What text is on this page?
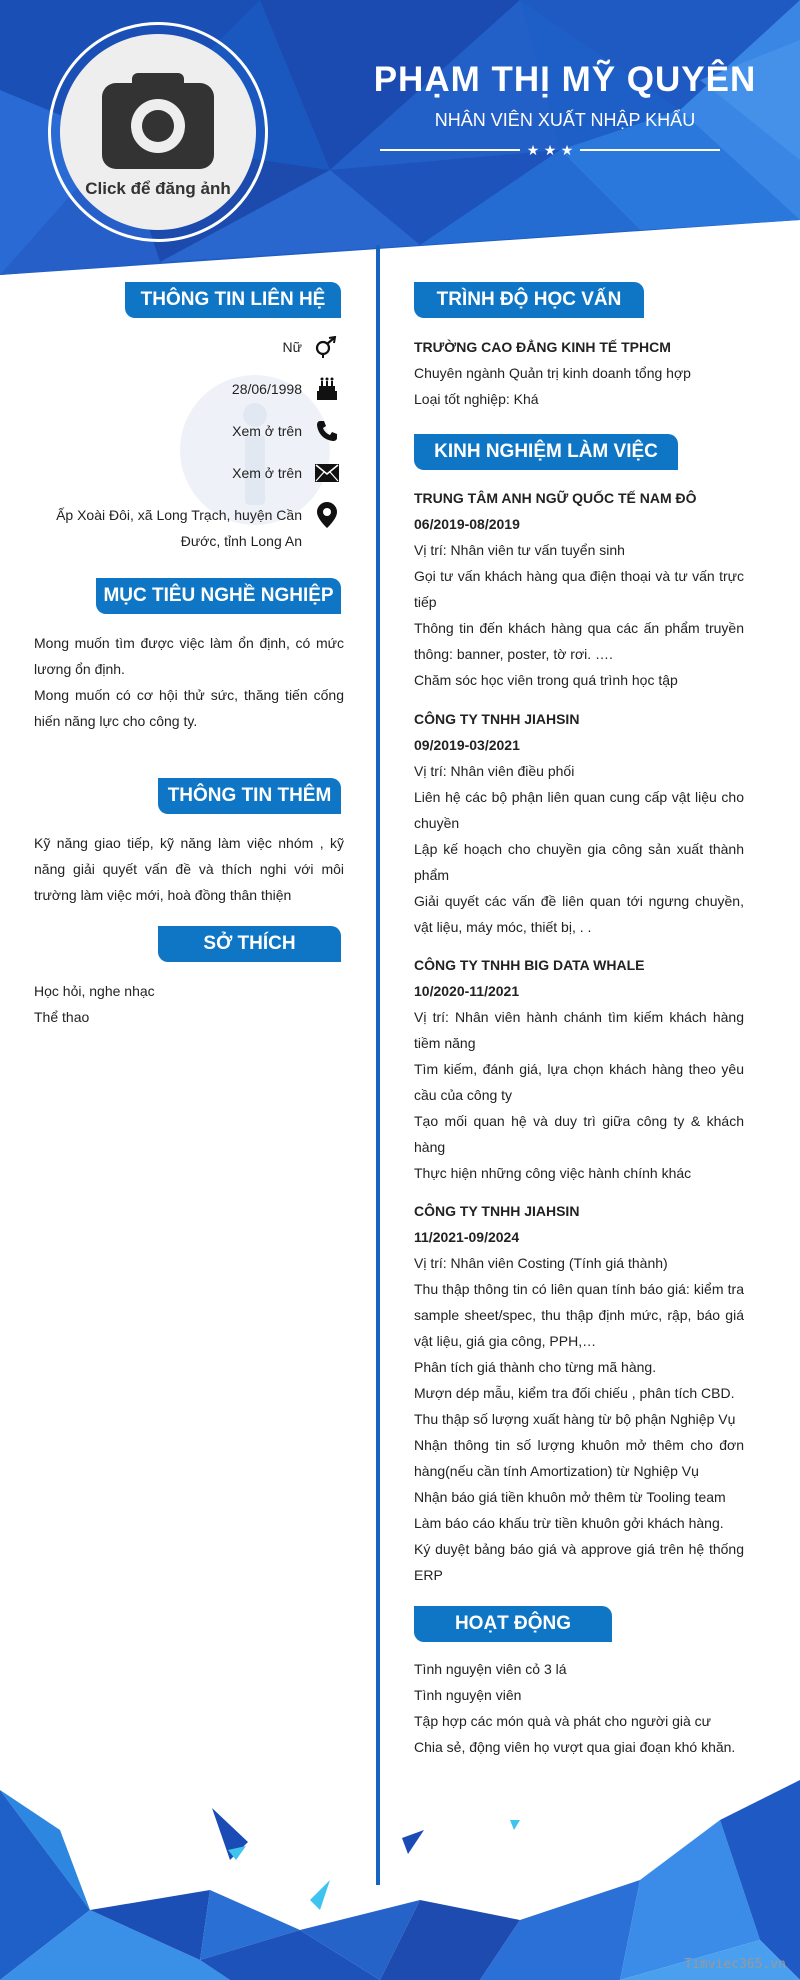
Click để đăng ảnh
PHẠM THỊ MỸ QUYÊN
NHÂN VIÊN XUẤT NHẬP KHẨU
★ ★ ★
THÔNG TIN LIÊN HỆ
Nữ
28/06/1998
Xem ở trên
Xem ở trên
Ấp Xoài Đôi, xã Long Trạch, huyện Cần
Đước, tỉnh Long An
MỤC TIÊU NGHỀ NGHIỆP

Mong muốn tìm được việc làm ổn định, có mức lương ổn định.

Mong muốn có cơ hội thử sức, thăng tiến cống hiến năng lực cho công ty.

THÔNG TIN THÊM

Kỹ năng giao tiếp, kỹ năng làm việc nhóm , kỹ năng giải quyết vấn đề và thích nghi với môi trường làm việc mới, hoà đồng thân thiện

SỞ THÍCH

Học hỏi, nghe nhạc

Thể thao

TRÌNH ĐỘ HỌC VẤN

TRƯỜNG CAO ĐẲNG KINH TẾ TPHCM

Chuyên ngành Quản trị kinh doanh tổng hợp

Loại tốt nghiệp: Khá

KINH NGHIỆM LÀM VIỆC

TRUNG TÂM ANH NGỮ QUỐC TẾ NAM ĐÔ

06/2019-08/2019

Vị trí: Nhân viên tư vấn tuyển sinh

Gọi tư vấn khách hàng qua điện thoại và tư vấn trực tiếp

Thông tin đến khách hàng qua các ấn phẩm truyền thông: banner, poster, tờ rơi. ….

Chăm sóc học viên trong quá trình học tập

CÔNG TY TNHH JIAHSIN

09/2019-03/2021

Vị trí: Nhân viên điều phối

Liên hệ các bộ phận liên quan cung cấp vật liệu cho chuyền

Lập kế hoạch cho chuyền gia công sản xuất thành phẩm

Giải quyết các vấn đề liên quan tới ngưng chuyền, vật liệu, máy móc, thiết bị, . .

CÔNG TY TNHH BIG DATA WHALE

10/2020-11/2021

Vị trí: Nhân viên hành chánh tìm kiếm khách hàng tiềm năng

Tìm kiếm, đánh giá, lựa chọn khách hàng theo yêu cầu của công ty

Tạo mối quan hệ và duy trì giữa công ty & khách hàng

Thực hiện những công việc hành chính khác

CÔNG TY TNHH JIAHSIN

11/2021-09/2024

Vị trí: Nhân viên Costing (Tính giá thành)

Thu thập thông tin có liên quan tính báo giá: kiểm tra sample sheet/spec, thu thập định mức, rập, báo giá vật liệu, giá gia công, PPH,…

Phân tích giá thành cho từng mã hàng.

Mượn dép mẫu, kiểm tra đối chiếu , phân tích CBD.

Thu thập số lượng xuất hàng từ bộ phận Nghiệp Vụ

Nhận thông tin số lượng khuôn mở thêm cho đơn hàng(nếu cần tính Amortization) từ Nghiệp Vụ

Nhận báo giá tiền khuôn mở thêm từ Tooling team

Làm báo cáo khấu trừ tiền khuôn gởi khách hàng.

Ký duyệt bảng báo giá và approve giá trên hệ thống ERP

HOẠT ĐỘNG

Tình nguyện viên cỏ 3 lá

Tình nguyện viên

Tập hợp các món quà và phát cho người già cư

Chia sẻ, động viên họ vượt qua giai đoạn khó khăn.

Timviec365.vn
